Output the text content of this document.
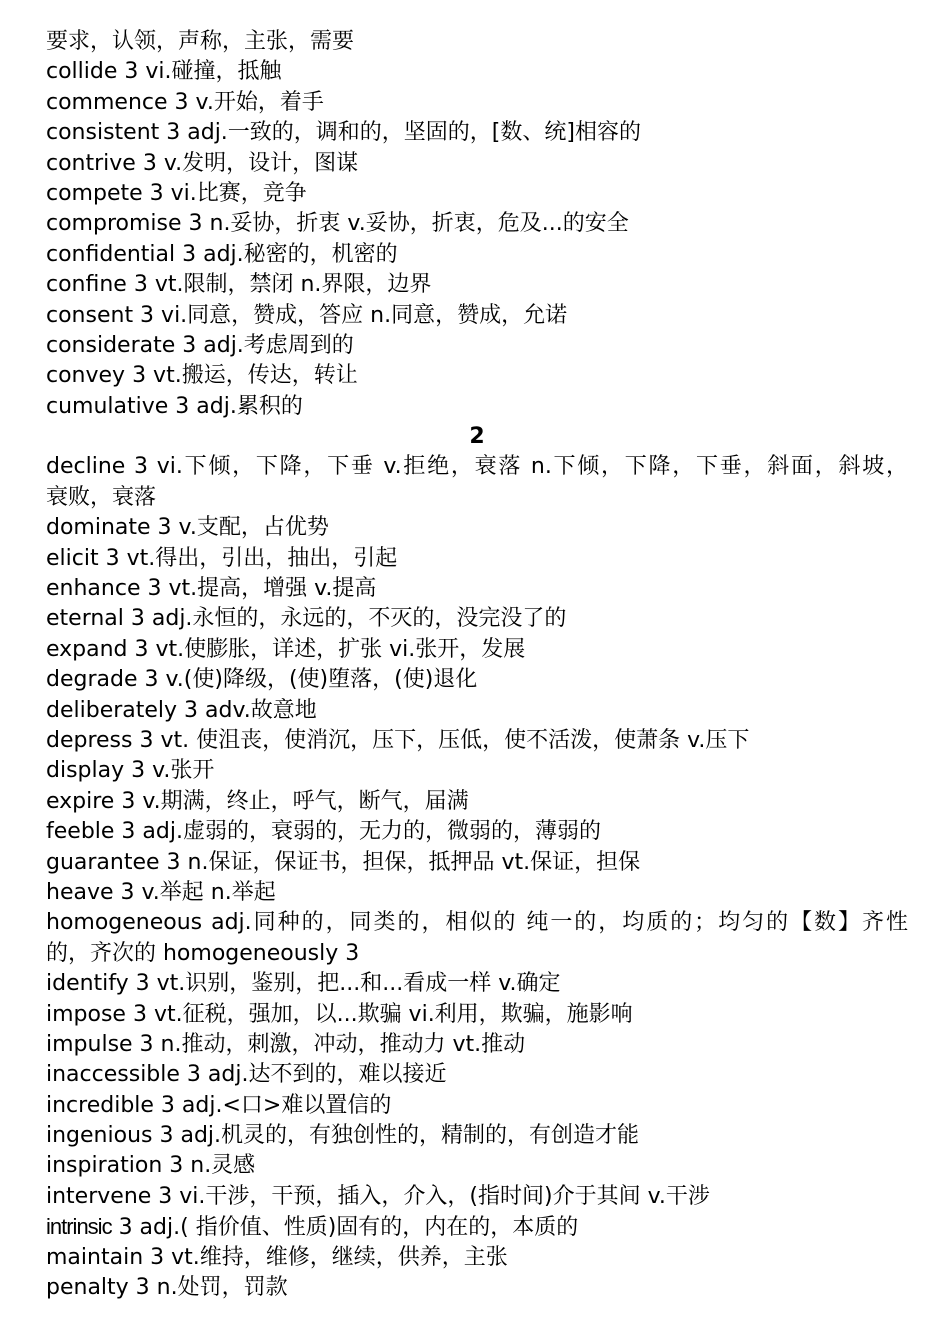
要求，认领，声称，主张，需要
collide 3 vi.碰撞，抵触
commence 3 v.开始，着手
consistent 3 adj.一致的，调和的，坚固的，[数、统]相容的
contrive 3 v.发明，设计，图谋
compete 3 vi.比赛，竞争
compromise 3 n.妥协，折衷 v.妥协，折衷，危及...的安全
confidential 3 adj.秘密的，机密的
confine 3 vt.限制，禁闭 n.界限，边界
consent 3 vi.同意，赞成，答应 n.同意，赞成，允诺
considerate 3 adj.考虑周到的
convey 3 vt.搬运，传达，转让
cumulative 3 adj.累积的
2
decline 3 vi.下倾，下降，下垂 v.拒绝，衰落 n.下倾，下降，下垂，斜面，斜坡，
衰败，衰落
dominate 3 v.支配，占优势
elicit 3 vt.得出，引出，抽出，引起
enhance 3 vt.提高，增强 v.提高
eternal 3 adj.永恒的，永远的，不灭的，没完没了的
expand 3 vt.使膨胀，详述，扩张 vi.张开，发展
degrade 3 v.(使)降级，(使)堕落，(使)退化
deliberately 3 adv.故意地
depress 3 vt. 使沮丧，使消沉，压下，压低，使不活泼，使萧条 v.压下
display 3 v.张开
expire 3 v.期满，终止，呼气，断气，届满
feeble 3 adj.虚弱的，衰弱的，无力的，微弱的，薄弱的
guarantee 3 n.保证，保证书，担保，抵押品 vt.保证，担保
heave 3 v.举起 n.举起
homogeneous adj.同种的，同类的，相似的 纯一的，均质的；均匀的【数】齐性
的，齐次的 homogeneously 3
identify 3 vt.识别，鉴别，把...和...看成一样 v.确定
impose 3 vt.征税，强加，以...欺骗 vi.利用，欺骗，施影响
impulse 3 n.推动，刺激，冲动，推动力 vt.推动
inaccessible 3 adj.达不到的，难以接近
incredible 3 adj.<口>难以置信的
ingenious 3 adj.机灵的，有独创性的，精制的，有创造才能
inspiration 3 n.灵感
intervene 3 vi.干涉，干预，插入，介入，(指时间)介于其间 v.干涉
intrinsic 3 adj.( 指价值、性质)固有的，内在的，本质的
maintain 3 vt.维持，维修，继续，供养，主张
penalty 3 n.处罚，罚款
